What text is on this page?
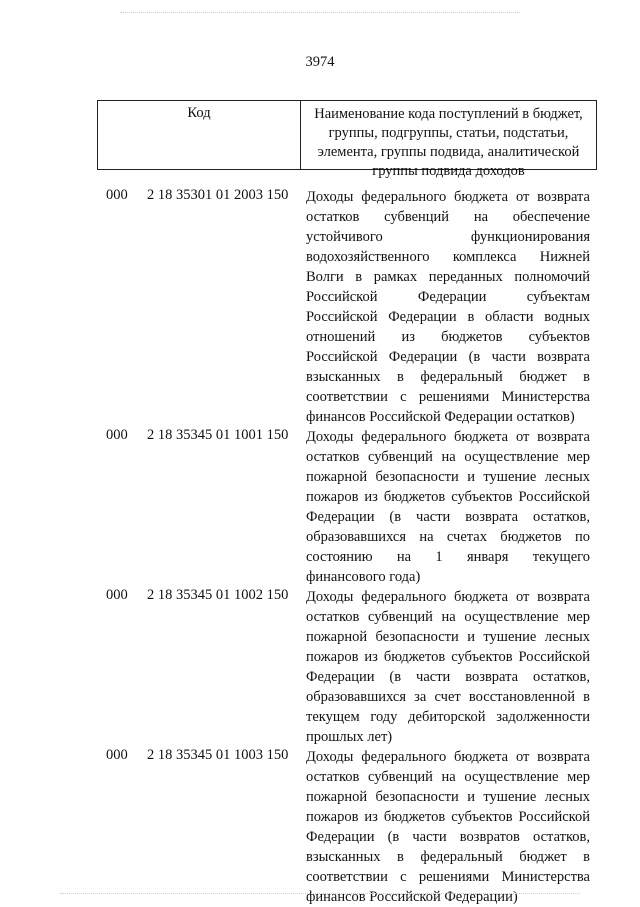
3974
Код	Наименование кода поступлений в бюджет, группы, подгруппы, статьи, подстатьи, элемента, группы подвида, аналитической группы подвида доходов
000 2 18 35301 01 2003 150 Доходы федерального бюджета от возврата остатков субвенций на обеспечение устойчивого функционирования водохозяйственного комплекса Нижней Волги в рамках переданных полномочий Российской Федерации субъектам Российской Федерации в области водных отношений из бюджетов субъектов Российской Федерации (в части возврата взысканных в федеральный бюджет в соответствии с решениями Министерства финансов Российской Федерации остатков)
000 2 18 35345 01 1001 150 Доходы федерального бюджета от возврата остатков субвенций на осуществление мер пожарной безопасности и тушение лесных пожаров из бюджетов субъектов Российской Федерации (в части возврата остатков, образовавшихся на счетах бюджетов по состоянию на 1 января текущего финансового года)
000 2 18 35345 01 1002 150 Доходы федерального бюджета от возврата остатков субвенций на осуществление мер пожарной безопасности и тушение лесных пожаров из бюджетов субъектов Российской Федерации (в части возврата остатков, образовавшихся за счет восстановленной в текущем году дебиторской задолженности прошлых лет)
000 2 18 35345 01 1003 150 Доходы федерального бюджета от возврата остатков субвенций на осуществление мер пожарной безопасности и тушение лесных пожаров из бюджетов субъектов Российской Федерации (в части возвратов остатков, взысканных в федеральный бюджет в соответствии с решениями Министерства финансов Российской Федерации)
